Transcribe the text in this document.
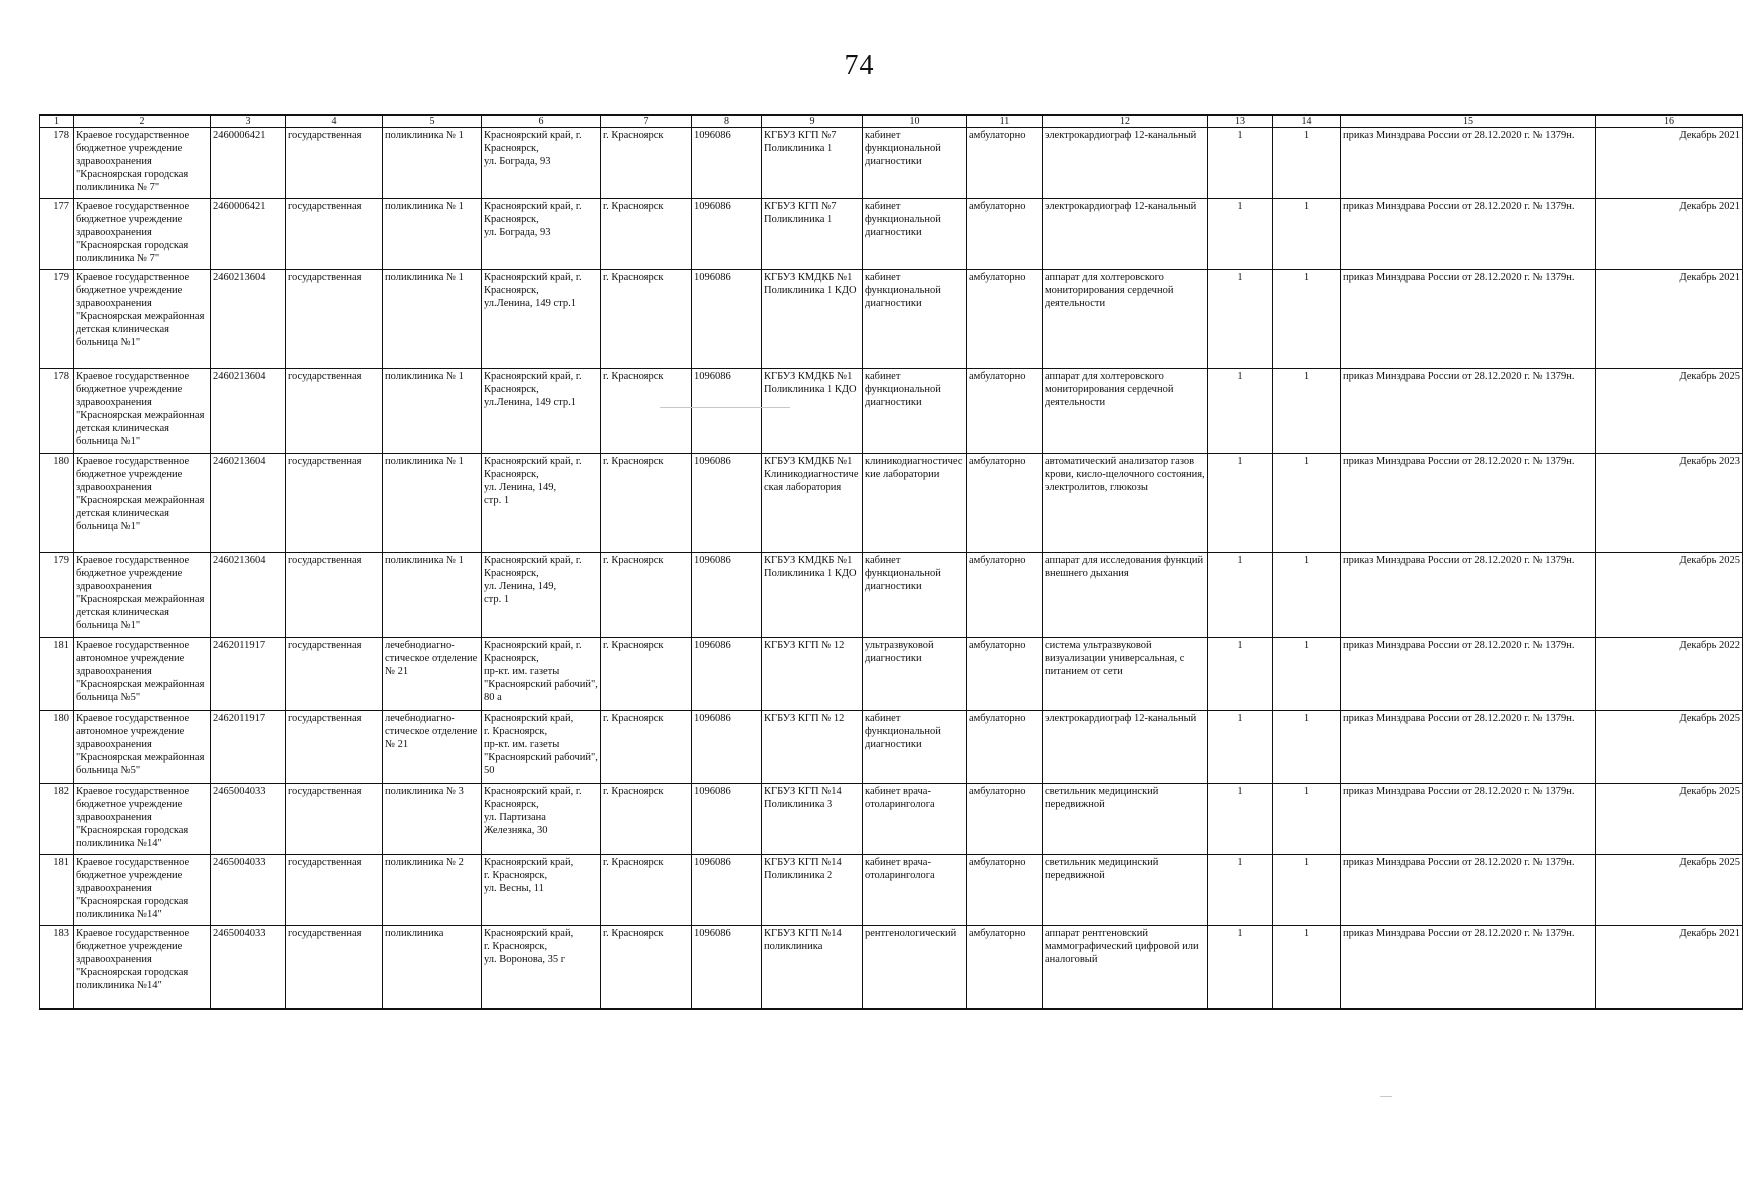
74
1	2	3	4	5	6	7	8	9	10	11	12	13	14	15	16
178	Краевое государственное бюджетное учреждение здравоохранения "Красноярская городская поликлиника № 7"	2460006421	государственная	поликлиника № 1	Красноярский край, г. Красноярск,
ул. Бограда, 93	г. Красноярск	1096086	КГБУЗ КГП №7 Поликлиника 1	кабинет функциональной диагностики	амбулаторно	электрокардиограф 12-канальный	1	1	приказ Минздрава России от 28.12.2020 г. № 1379н.	Декабрь 2021
177	Краевое государственное бюджетное учреждение здравоохранения "Красноярская городская поликлиника № 7"	2460006421	государственная	поликлиника № 1	Красноярский край, г. Красноярск,
ул. Бограда, 93	г. Красноярск	1096086	КГБУЗ КГП №7 Поликлиника 1	кабинет функциональной диагностики	амбулаторно	электрокардиограф 12-канальный	1	1	приказ Минздрава России от 28.12.2020 г. № 1379н.	Декабрь 2021
179	Краевое государственное бюджетное учреждение здравоохранения "Красноярская межрайонная детская клиническая больница №1"	2460213604	государственная	поликлиника № 1	Красноярский край, г. Красноярск,
ул.Ленина, 149 стр.1	г. Красноярск	1096086	КГБУЗ КМДКБ №1 Поликлиника 1 КДО	кабинет функциональной диагностики	амбулаторно	аппарат для холтеровского мониторирования сердечной деятельности	1	1	приказ Минздрава России от 28.12.2020 г. № 1379н.	Декабрь 2021
178	Краевое государственное бюджетное учреждение здравоохранения "Красноярская межрайонная детская клиническая больница №1"	2460213604	государственная	поликлиника № 1	Красноярский край, г. Красноярск,
ул.Ленина, 149 стр.1	г. Красноярск	1096086	КГБУЗ КМДКБ №1 Поликлиника 1 КДО	кабинет функциональной диагностики	амбулаторно	аппарат для холтеровского мониторирования сердечной деятельности	1	1	приказ Минздрава России от 28.12.2020 г. № 1379н.	Декабрь 2025
180	Краевое государственное бюджетное учреждение здравоохранения "Красноярская межрайонная детская клиническая больница №1"	2460213604	государственная	поликлиника № 1	Красноярский край, г. Красноярск,
ул. Ленина, 149,
стр. 1	г. Красноярск	1096086	КГБУЗ КМДКБ №1 Клиникодиагностическая лаборатория	клиникодиагностические лаборатории	амбулаторно	автоматический анализатор газов крови, кисло-щелочного состояния, электролитов, глюкозы	1	1	приказ Минздрава России от 28.12.2020 г. № 1379н.	Декабрь 2023
179	Краевое государственное бюджетное учреждение здравоохранения "Красноярская межрайонная детская клиническая больница №1"	2460213604	государственная	поликлиника № 1	Красноярский край, г. Красноярск,
ул. Ленина, 149,
стр. 1	г. Красноярск	1096086	КГБУЗ КМДКБ №1 Поликлиника 1 КДО	кабинет функциональной диагностики	амбулаторно	аппарат для исследования функций внешнего дыхания	1	1	приказ Минздрава России от 28.12.2020 г. № 1379н.	Декабрь 2025
181	Краевое государственное автономное учреждение здравоохранения "Красноярская межрайонная больница №5"	2462011917	государственная	лечебнодиагно-стическое отделение № 21	Красноярский край, г. Красноярск,
пр-кт. им. газеты "Красноярский рабочий", 80 а	г. Красноярск	1096086	КГБУЗ КГП № 12	ультразвуковой диагностики	амбулаторно	система ультразвуковой визуализации универсальная, с питанием от сети	1	1	приказ Минздрава России от 28.12.2020 г. № 1379н.	Декабрь 2022
180	Краевое государственное автономное учреждение здравоохранения "Красноярская межрайонная больница №5"	2462011917	государственная	лечебнодиагно-стическое отделение № 21	Красноярский край,
г. Красноярск,
пр-кт. им. газеты "Красноярский рабочий", 50	г. Красноярск	1096086	КГБУЗ КГП № 12	кабинет функциональной диагностики	амбулаторно	электрокардиограф 12-канальный	1	1	приказ Минздрава России от 28.12.2020 г. № 1379н.	Декабрь 2025
182	Краевое государственное бюджетное учреждение здравоохранения "Красноярская городская поликлиника №14"	2465004033	государственная	поликлиника № 3	Красноярский край, г. Красноярск,
ул. Партизана Железняка, 30	г. Красноярск	1096086	КГБУЗ КГП №14 Поликлиника 3	кабинет врача-отоларинголога	амбулаторно	светильник медицинский передвижной	1	1	приказ Минздрава России от 28.12.2020 г. № 1379н.	Декабрь 2025
181	Краевое государственное бюджетное учреждение здравоохранения "Красноярская городская поликлиника №14"	2465004033	государственная	поликлиника № 2	Красноярский край,
г. Красноярск,
ул. Весны, 11	г. Красноярск	1096086	КГБУЗ КГП №14 Поликлиника 2	кабинет врача-отоларинголога	амбулаторно	светильник медицинский передвижной	1	1	приказ Минздрава России от 28.12.2020 г. № 1379н.	Декабрь 2025
183	Краевое государственное бюджетное учреждение здравоохранения "Красноярская городская поликлиника №14"	2465004033	государственная	поликлиника	Красноярский край,
г. Красноярск,
ул. Воронова, 35 г	г. Красноярск	1096086	КГБУЗ КГП №14 поликлиника	рентгенологический	амбулаторно	аппарат рентгеновский маммографический цифровой или аналоговый	1	1	приказ Минздрава России от 28.12.2020 г. № 1379н.	Декабрь 2021
